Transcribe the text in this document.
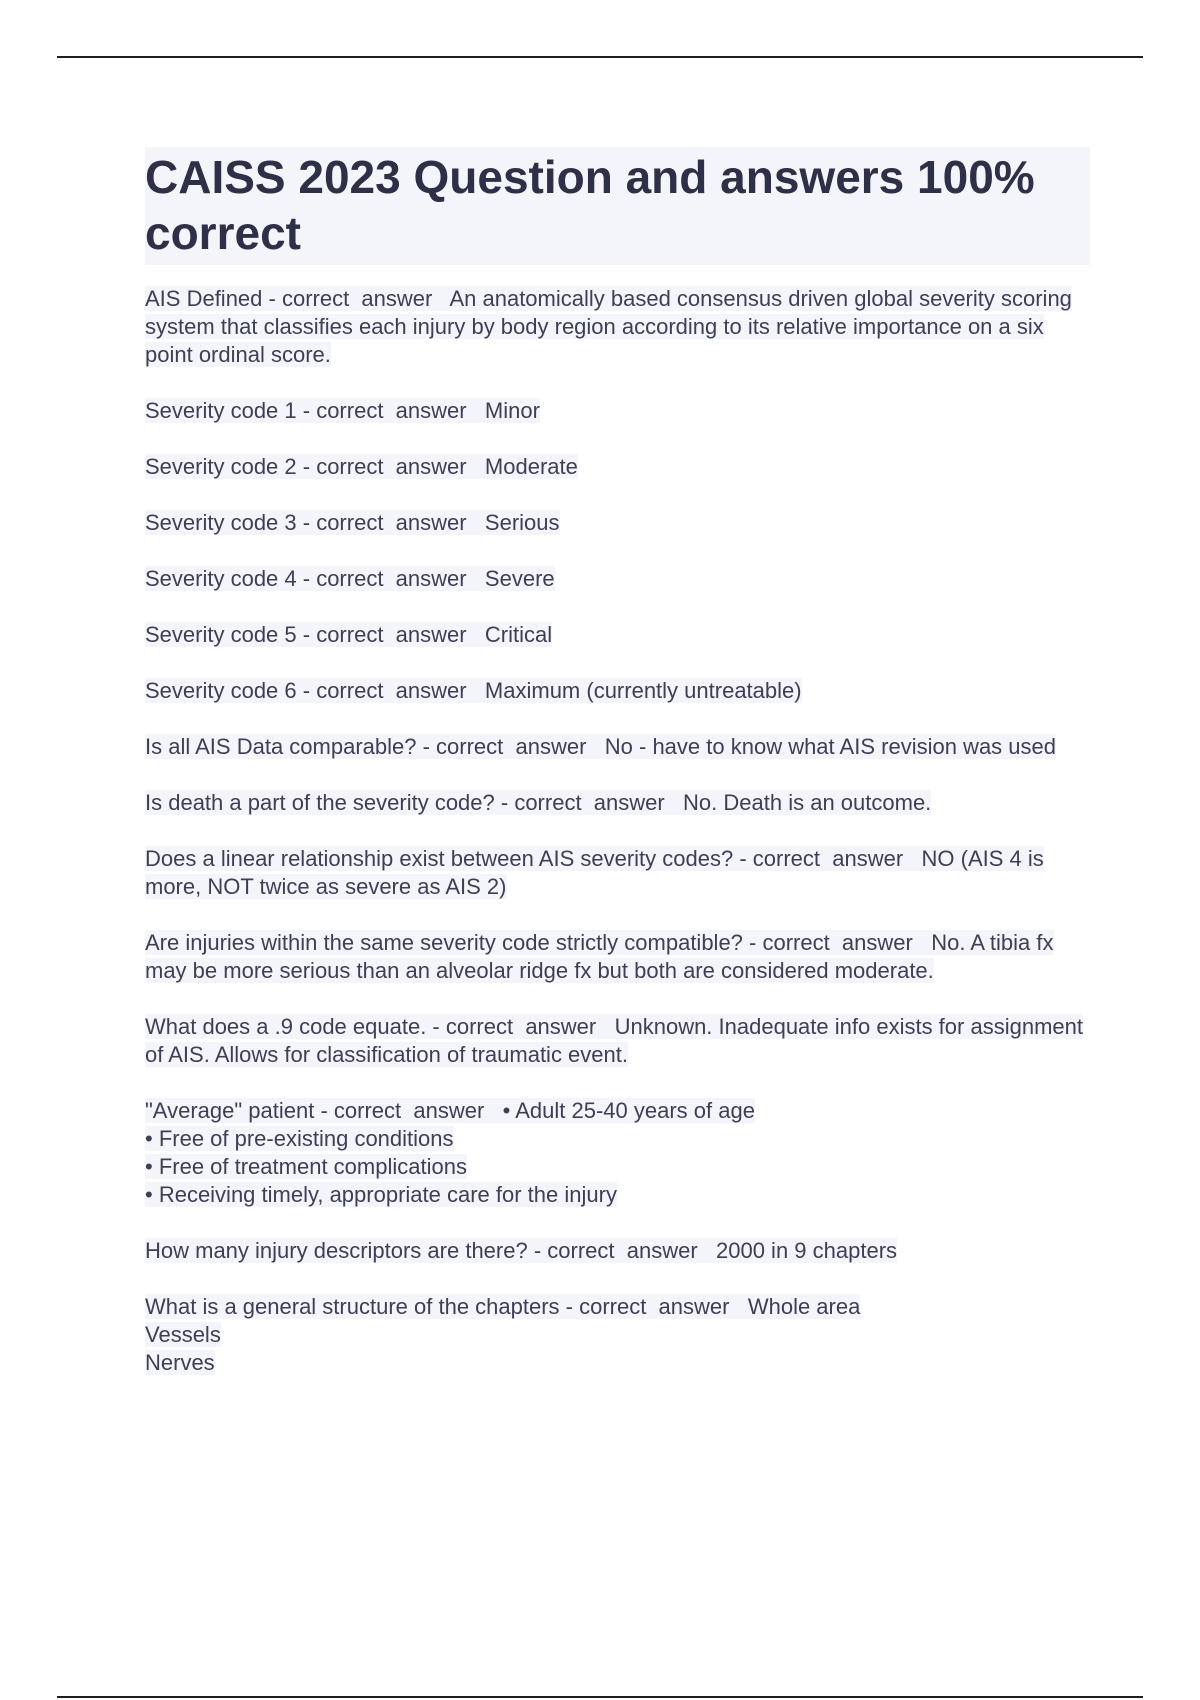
CAISS 2023 Question and answers 100% correct

AIS Defined - correct  answer   An anatomically based consensus driven global severity scoring system that classifies each injury by body region according to its relative importance on a six point ordinal score.

Severity code 1 - correct  answer   Minor

Severity code 2 - correct  answer   Moderate

Severity code 3 - correct  answer   Serious

Severity code 4 - correct  answer   Severe

Severity code 5 - correct  answer   Critical

Severity code 6 - correct  answer   Maximum (currently untreatable)

Is all AIS Data comparable? - correct  answer   No - have to know what AIS revision was used

Is death a part of the severity code? - correct  answer   No. Death is an outcome.

Does a linear relationship exist between AIS severity codes? - correct  answer   NO (AIS 4 is more, NOT twice as severe as AIS 2)

Are injuries within the same severity code strictly compatible? - correct  answer   No. A tibia fx may be more serious than an alveolar ridge fx but both are considered moderate.

What does a .9 code equate. - correct  answer   Unknown. Inadequate info exists for assignment of AIS. Allows for classification of traumatic event.

"Average" patient - correct  answer   • Adult 25-40 years of age
• Free of pre-existing conditions
• Free of treatment complications
• Receiving timely, appropriate care for the injury

How many injury descriptors are there? - correct  answer   2000 in 9 chapters

What is a general structure of the chapters - correct  answer   Whole area
Vessels
Nerves
